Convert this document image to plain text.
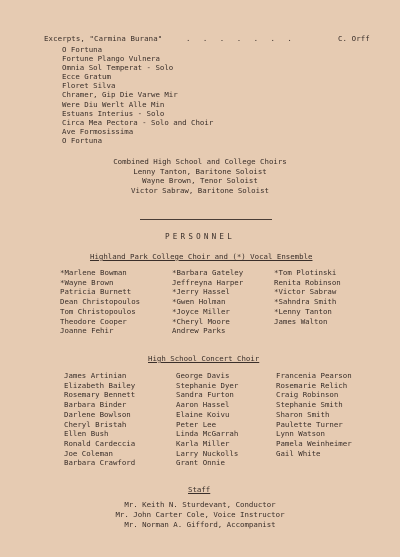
Excerpts, "Carmina Burana"	. . . . . . .	C. Orff
O Fortuna
Fortune Plango Vulnera
Omnia Sol Temperat - Solo
Ecce Gratum
Floret Silva
Chramer, Gip Die Varwe Mir
Were Diu Werlt Alle Min
Estuans Interius - Solo
Circa Mea Pectora - Solo and Choir
Ave Formosissima
O Fortuna
Combined High School and College Choirs
Lenny Tanton, Baritone Soloist
Wayne Brown, Tenor Soloist
Victor Sabraw, Baritone Soloist
PERSONNEL
Highland Park College Choir and (*) Vocal Ensemble
*Marlene Bowman
*Wayne Brown
Patricia Burnett
Dean Christopoulos
Tom Christopoulos
Theodore Cooper
Joanne Fehir
*Barbara Gateley
Jeffreyna Harper
*Jerry Hassel
*Gwen Holman
*Joyce Miller
*Cheryl Moore
Andrew Parks
*Tom Plotinski
Renita Robinson
*Victor Sabraw
*Sahndra Smith
*Lenny Tanton
James Walton
High School Concert Choir
James Artinian
Elizabeth Bailey
Rosemary Bennett
Barbara Binder
Darlene Bowlson
Cheryl Bristah
Ellen Bush
Ronald Cardeccia
Joe Coleman
Barbara Crawford
George Davis
Stephanie Dyer
Sandra Furton
Aaron Hassel
Elaine Koivu
Peter Lee
Linda McGarrah
Karla Miller
Larry Nuckolls
Grant Onnie
Francenia Pearson
Rosemarie Relich
Craig Robinson
Stephanie Smith
Sharon Smith
Paulette Turner
Lynn Watson
Pamela Weinheimer
Gail White
Staff
Mr. Keith N. Sturdevant, Conductor
Mr. John Carter Cole, Voice Instructor
Mr. Norman A. Gifford, Accompanist
